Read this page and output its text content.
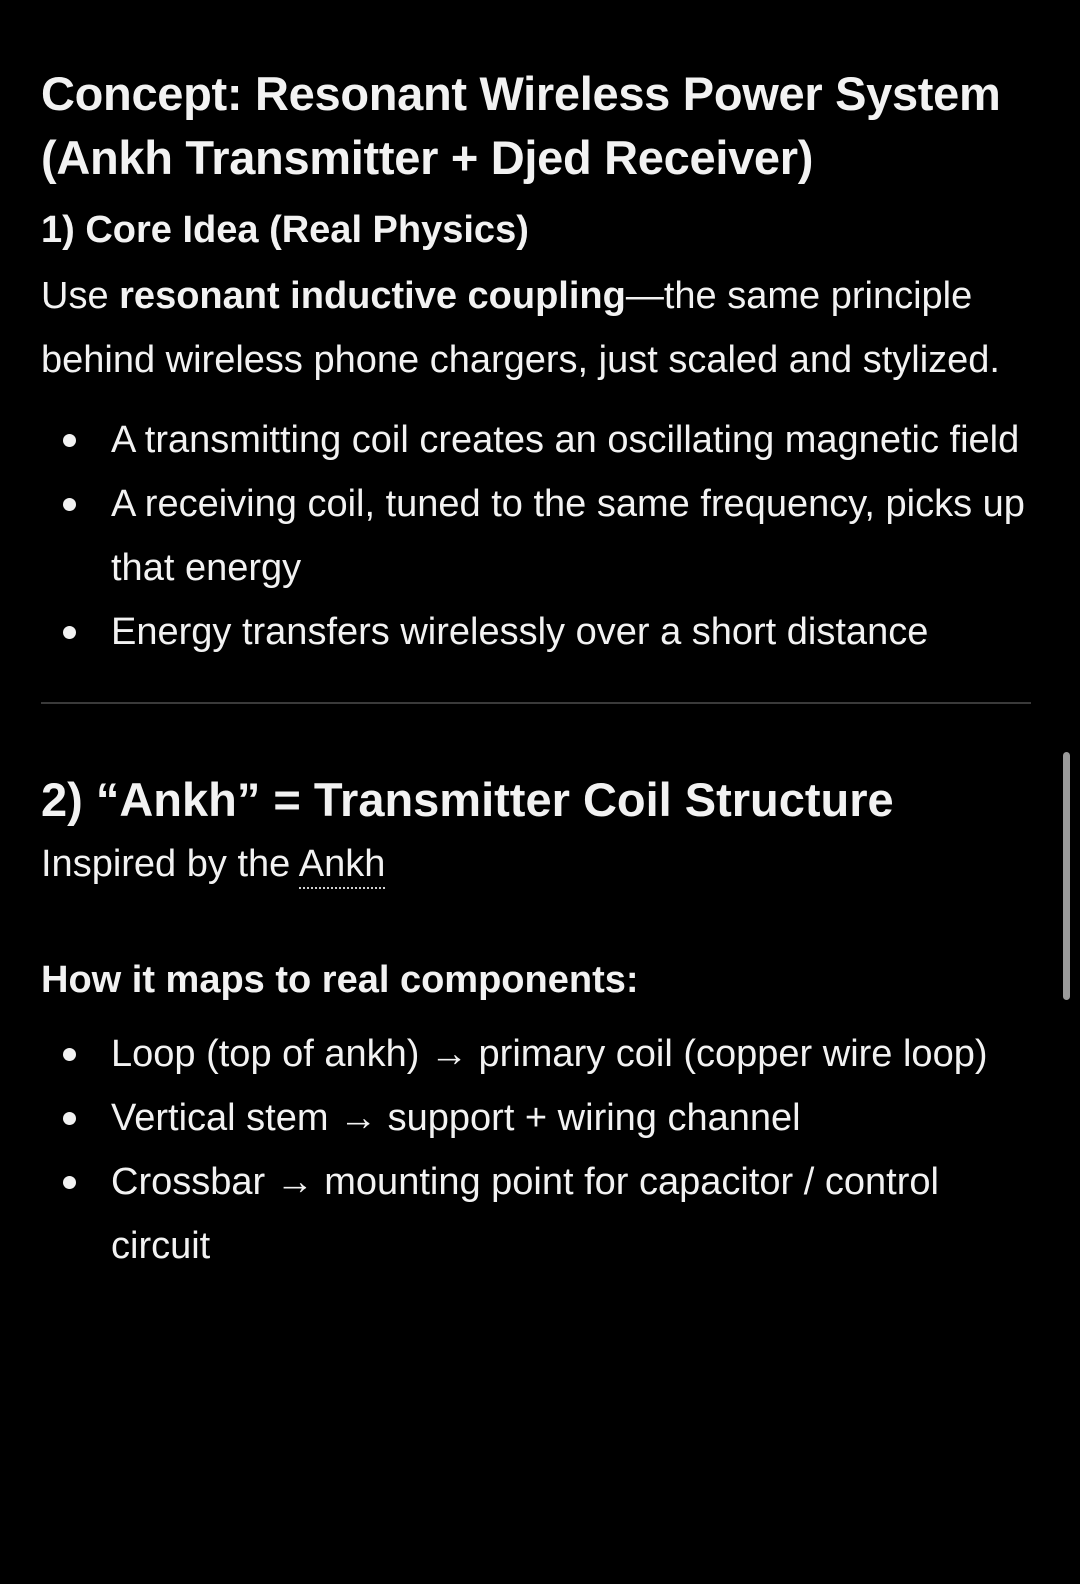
Concept: Resonant Wireless Power System (Ankh Transmitter + Djed Receiver)
1) Core Idea (Real Physics)

Use resonant inductive coupling—the same principle behind wireless phone chargers, just scaled and stylized.

A transmitting coil creates an oscillating magnetic field
A receiving coil, tuned to the same frequency, picks up that energy
Energy transfers wirelessly over a short distance
2) “Ankh” = Transmitter Coil Structure

Inspired by the Ankh

How it maps to real components:
Loop (top of ankh) → primary coil (copper wire loop)
Vertical stem → support + wiring channel
Crossbar → mounting point for capacitor / control circuit
